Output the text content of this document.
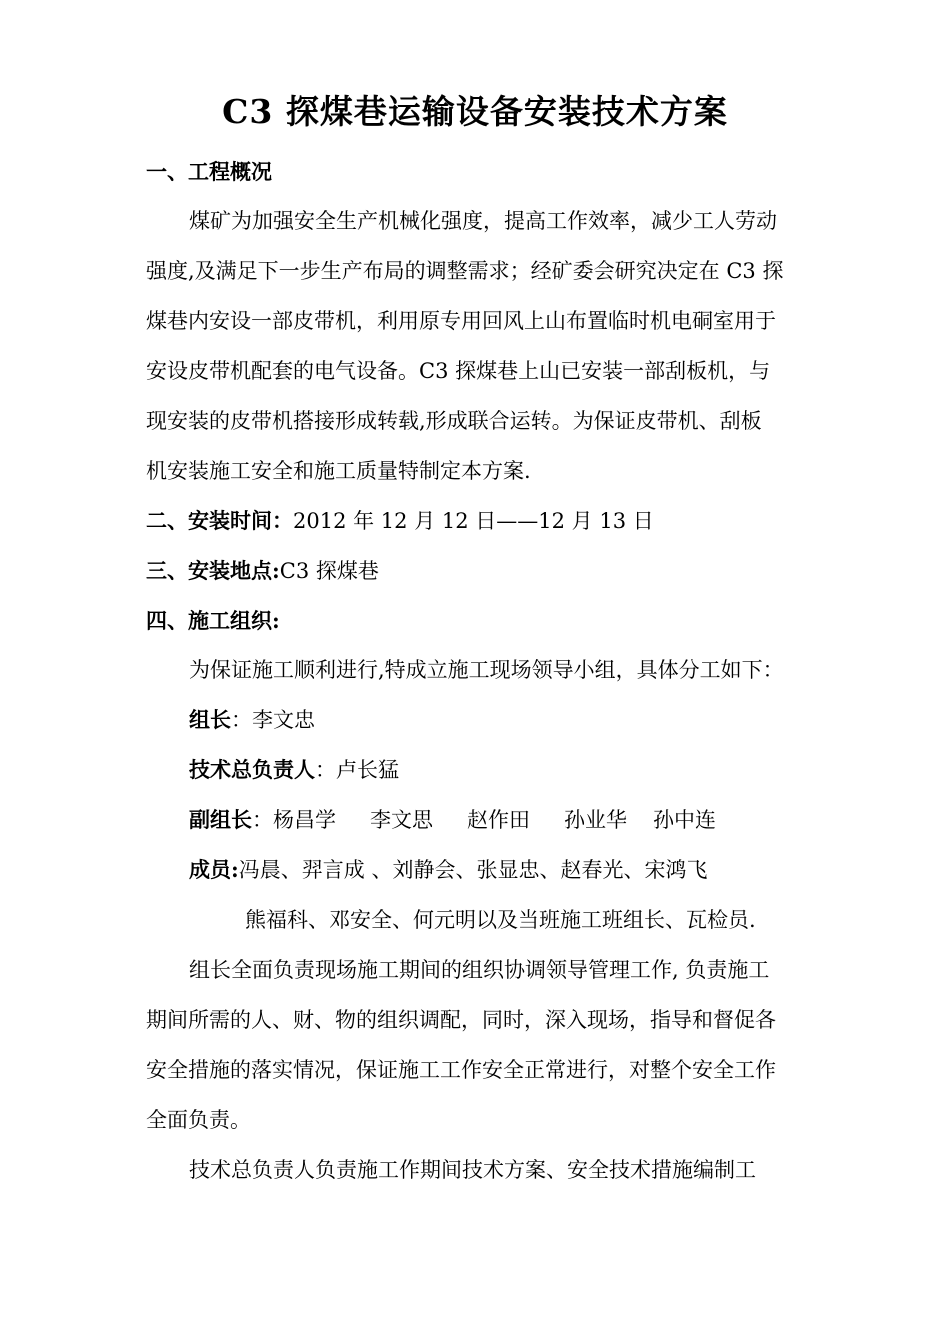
C3 探煤巷运输设备安装技术方案
一、工程概况
煤矿为加强安全生产机械化强度，提高工作效率，减少工人劳动
强度,及满足下一步生产布局的调整需求；经矿委会研究决定在 C3 探
煤巷内安设一部皮带机，利用原专用回风上山布置临时机电硐室用于
安设皮带机配套的电气设备。C3 探煤巷上山已安装一部刮板机，与
现安装的皮带机搭接形成转载,形成联合运转。为保证皮带机、刮板
机安装施工安全和施工质量特制定本方案.
二、安装时间：2012 年 12 月 12 日——12 月 13 日
三、安装地点:C3 探煤巷
四、施工组织:
为保证施工顺利进行,特成立施工现场领导小组，具体分工如下：
组长：李文忠
技术总负责人：卢长猛
副组长：杨昌学 李文思 赵作田 孙业华 孙中连
成员:冯晨、羿言成 、刘静会、张显忠、赵春光、宋鸿飞
熊福科、邓安全、何元明以及当班施工班组长、瓦检员.
组长全面负责现场施工期间的组织协调领导管理工作, 负责施工
期间所需的人、财、物的组织调配，同时，深入现场，指导和督促各
安全措施的落实情况，保证施工工作安全正常进行，对整个安全工作
全面负责。
技术总负责人负责施工作期间技术方案、安全技术措施编制工
